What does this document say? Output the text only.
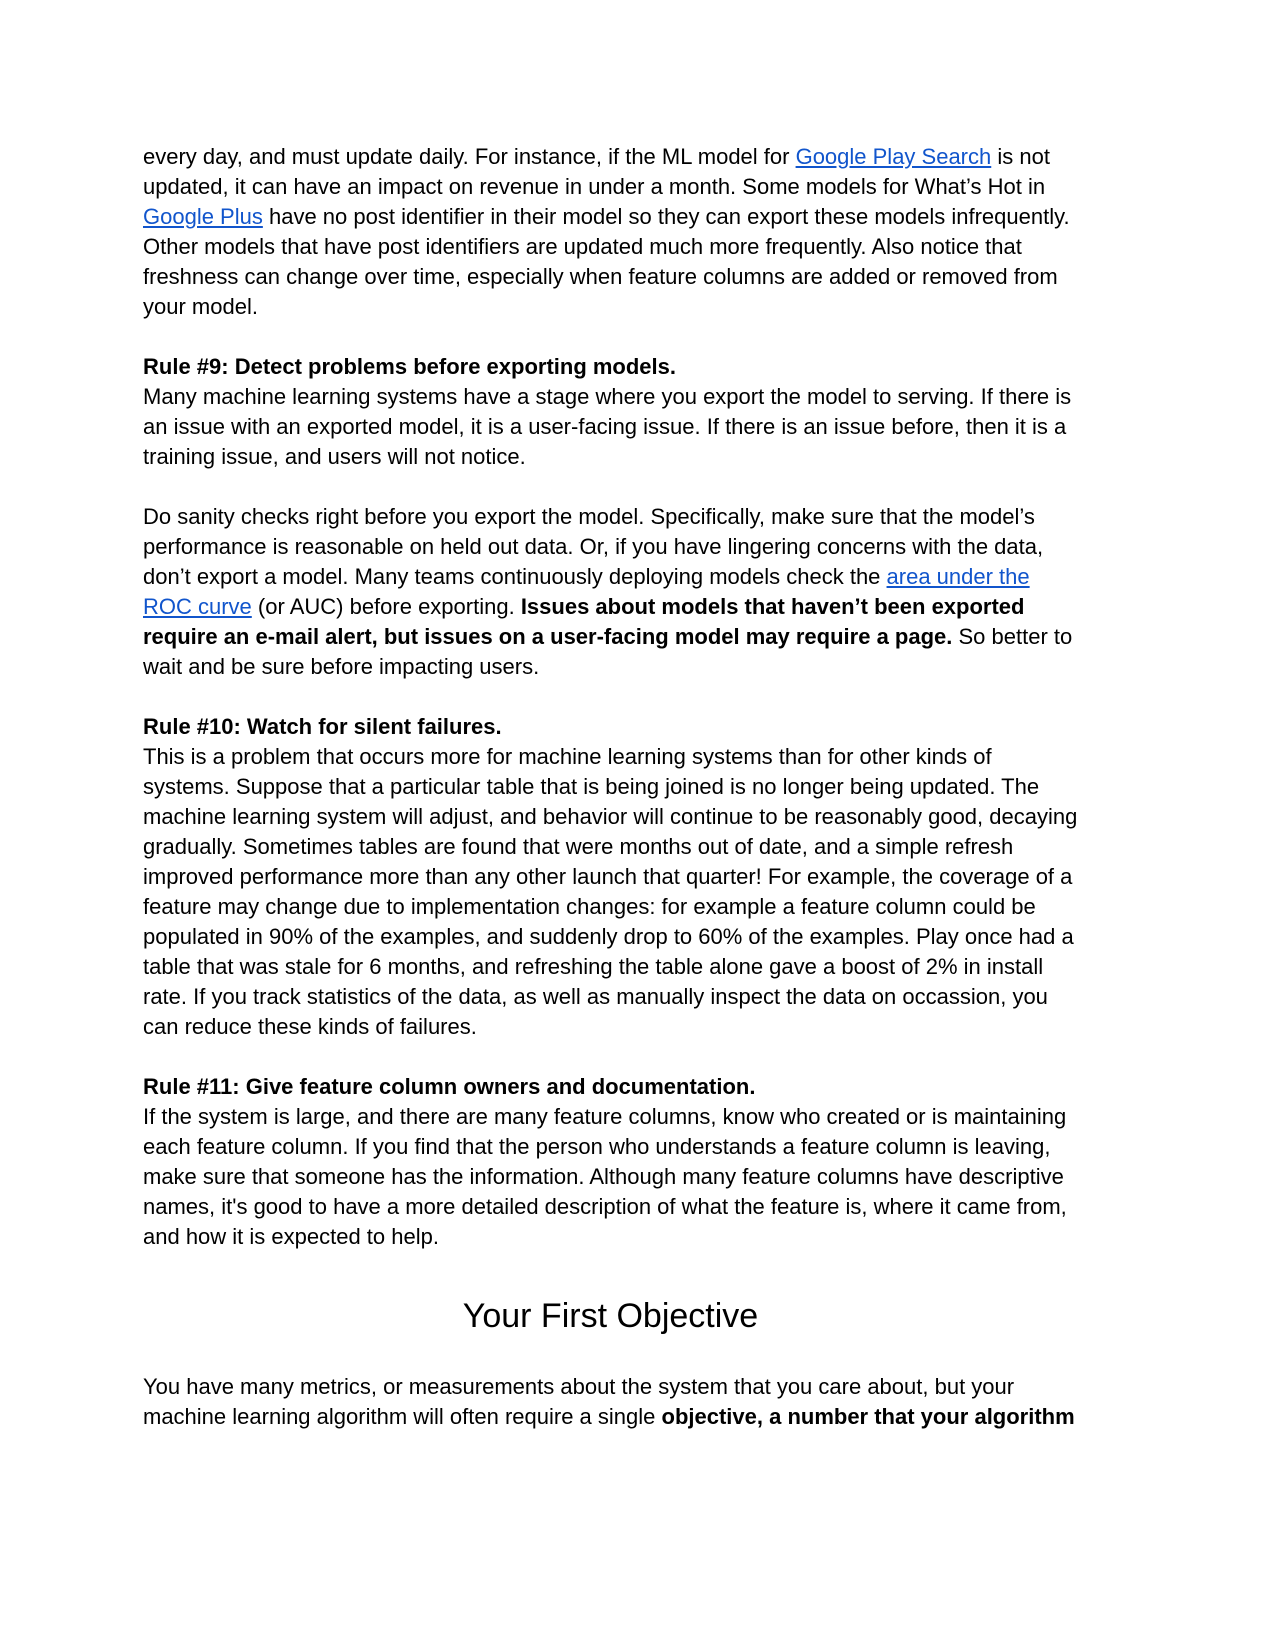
every day, and must update daily. For instance, if the ML model for Google Play Search is not updated, it can have an impact on revenue in under a month. Some models for What’s Hot in Google Plus have no post identifier in their model so they can export these models infrequently. Other models that have post identifiers are updated much more frequently. Also notice that freshness can change over time, especially when feature columns are added or removed from your model.

Rule #9: Detect problems before exporting models.

Many machine learning systems have a stage where you export the model to serving. If there is an issue with an exported model, it is a user-facing issue. If there is an issue before, then it is a training issue, and users will not notice.

Do sanity checks right before you export the model. Specifically, make sure that the model’s performance is reasonable on held out data. Or, if you have lingering concerns with the data, don’t export a model. Many teams continuously deploying models check the area under the ROC curve (or AUC) before exporting. Issues about models that haven’t been exported require an e-mail alert, but issues on a user-facing model may require a page. So better to wait and be sure before impacting users.

Rule #10: Watch for silent failures.

This is a problem that occurs more for machine learning systems than for other kinds of systems. Suppose that a particular table that is being joined is no longer being updated. The machine learning system will adjust, and behavior will continue to be reasonably good, decaying gradually. Sometimes tables are found that were months out of date, and a simple refresh improved performance more than any other launch that quarter! For example, the coverage of a feature may change due to implementation changes: for example a feature column could be populated in 90% of the examples, and suddenly drop to 60% of the examples. Play once had a table that was stale for 6 months, and refreshing the table alone gave a boost of 2% in install rate. If you track statistics of the data, as well as manually inspect the data on occassion, you can reduce these kinds of failures.

Rule #11: Give feature column owners and documentation.

If the system is large, and there are many feature columns, know who created or is maintaining each feature column. If you find that the person who understands a feature column is leaving, make sure that someone has the information. Although many feature columns have descriptive names, it's good to have a more detailed description of what the feature is, where it came from, and how it is expected to help.

Your First Objective

You have many metrics, or measurements about the system that you care about, but your machine learning algorithm will often require a single objective, a number that your algorithm
